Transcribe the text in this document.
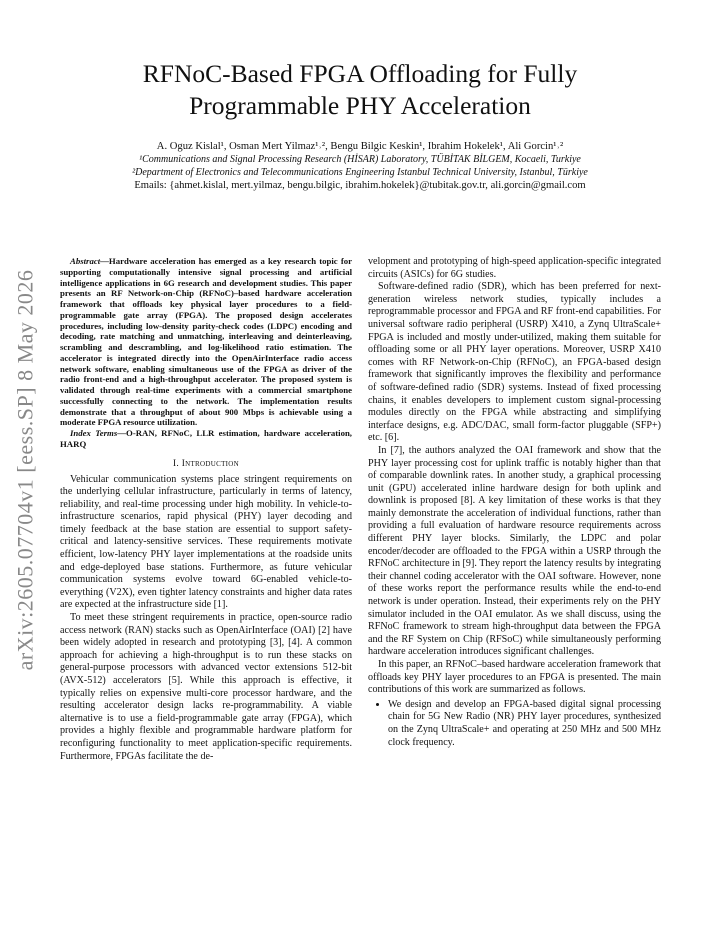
arXiv:2605.07704v1 [eess.SP] 8 May 2026
RFNoC-Based FPGA Offloading for Fully
Programmable PHY Acceleration
A. Oguz Kislal¹, Osman Mert Yilmaz¹˒², Bengu Bilgic Keskin¹, Ibrahim Hokelek¹, Ali Gorcin¹˒²
¹Communications and Signal Processing Research (HİSAR) Laboratory, TÜBİTAK BİLGEM, Kocaeli, Turkiye
²Department of Electronics and Telecommunications Engineering Istanbul Technical University, Istanbul, Türkiye
Emails: {ahmet.kislal, mert.yilmaz, bengu.bilgic, ibrahim.hokelek}@tubitak.gov.tr, ali.gorcin@gmail.com

Abstract—Hardware acceleration has emerged as a key research topic for supporting computationally intensive signal processing and artificial intelligence applications in 6G research and development studies. This paper presents an RF Network-on-Chip (RFNoC)–based hardware acceleration framework that offloads key physical layer procedures to a field-programmable gate array (FPGA). The proposed design accelerates procedures, including low-density parity-check codes (LDPC) encoding and decoding, rate matching and unmatching, interleaving and deinterleaving, scrambling and descrambling, and log-likelihood ratio estimation. The accelerator is integrated directly into the OpenAirInterface radio access network software, enabling simultaneous use of the FPGA as driver of the radio front-end and a high-throughput accelerator. The proposed system is validated through real-time experiments with a commercial smartphone successfully connecting to the network. The implementation results demonstrate that a throughput of about 900 Mbps is achievable using a moderate FPGA resource utilization.

Index Terms—O-RAN, RFNoC, LLR estimation, hardware acceleration, HARQ

I. Introduction

Vehicular communication systems place stringent requirements on the underlying cellular infrastructure, particularly in terms of latency, reliability, and real-time processing under high mobility. In vehicle-to-infrastructure scenarios, rapid physical (PHY) layer decoding and timely feedback at the base station are essential to support safety-critical and latency-sensitive services. These requirements motivate efficient, low-latency PHY layer implementations at the roadside units and edge-deployed base stations. Furthermore, as future vehicular communication systems evolve toward 6G-enabled vehicle-to-everything (V2X), even tighter latency constraints and higher data rates are expected at the infrastructure side [1].

To meet these stringent requirements in practice, open-source radio access network (RAN) stacks such as OpenAirInterface (OAI) [2] have been widely adopted in research and prototyping [3], [4]. A common approach for achieving a high-throughput is to run these stacks on general-purpose processors with advanced vector extensions 512-bit (AVX-512) accelerators [5]. While this approach is effective, it typically relies on expensive multi-core processor hardware, and the resulting accelerator design lacks re-programmability. A viable alternative is to use a field-programmable gate array (FPGA), which provides a highly flexible and programmable hardware platform for reconfiguring functionality to meet application-specific requirements. Furthermore, FPGAs facilitate the de-

velopment and prototyping of high-speed application-specific integrated circuits (ASICs) for 6G studies.

Software-defined radio (SDR), which has been preferred for next-generation wireless network studies, typically includes a reprogrammable processor and FPGA and RF front-end capabilities. For universal software radio peripheral (USRP) X410, a Zynq UltraScale+ FPGA is included and mostly under-utilized, making them suitable for offloading some or all PHY layer operations. Moreover, USRP X410 comes with RF Network-on-Chip (RFNoC), an FPGA-based design framework that significantly improves the flexibility and performance of software-defined radio (SDR) systems. Instead of fixed processing chains, it enables developers to implement custom signal-processing modules directly on the FPGA while abstracting and simplifying interface designs, e.g. ADC/DAC, small form-factor pluggable (SFP+) etc. [6].

In [7], the authors analyzed the OAI framework and show that the PHY layer processing cost for uplink traffic is notably higher than that of comparable downlink rates. In another study, a graphical processing unit (GPU) accelerated inline hardware design for both uplink and downlink is proposed [8]. A key limitation of these works is that they mainly demonstrate the acceleration of individual functions, rather than providing a full evaluation of hardware resource requirements across different PHY layer blocks. Similarly, the LDPC and polar encoder/decoder are offloaded to the FPGA within a USRP through the RFNoC architecture in [9]. They report the latency results by integrating their channel coding accelerator with the OAI software. However, none of these works report the performance results while the end-to-end network is under operation. Instead, their experiments rely on the PHY simulator included in the OAI emulator. As we shall discuss, using the RFNoC framework to stream high-throughput data between the FPGA and the RF System on Chip (RFSoC) while simultaneously performing hardware acceleration introduces significant challenges.

In this paper, an RFNoC–based hardware acceleration framework that offloads key PHY layer procedures to an FPGA is presented. The main contributions of this work are summarized as follows.

• We design and develop an FPGA-based digital signal processing chain for 5G New Radio (NR) PHY layer procedures, synthesized on the Zynq UltraScale+ and operating at 250 MHz and 500 MHz clock frequency.
